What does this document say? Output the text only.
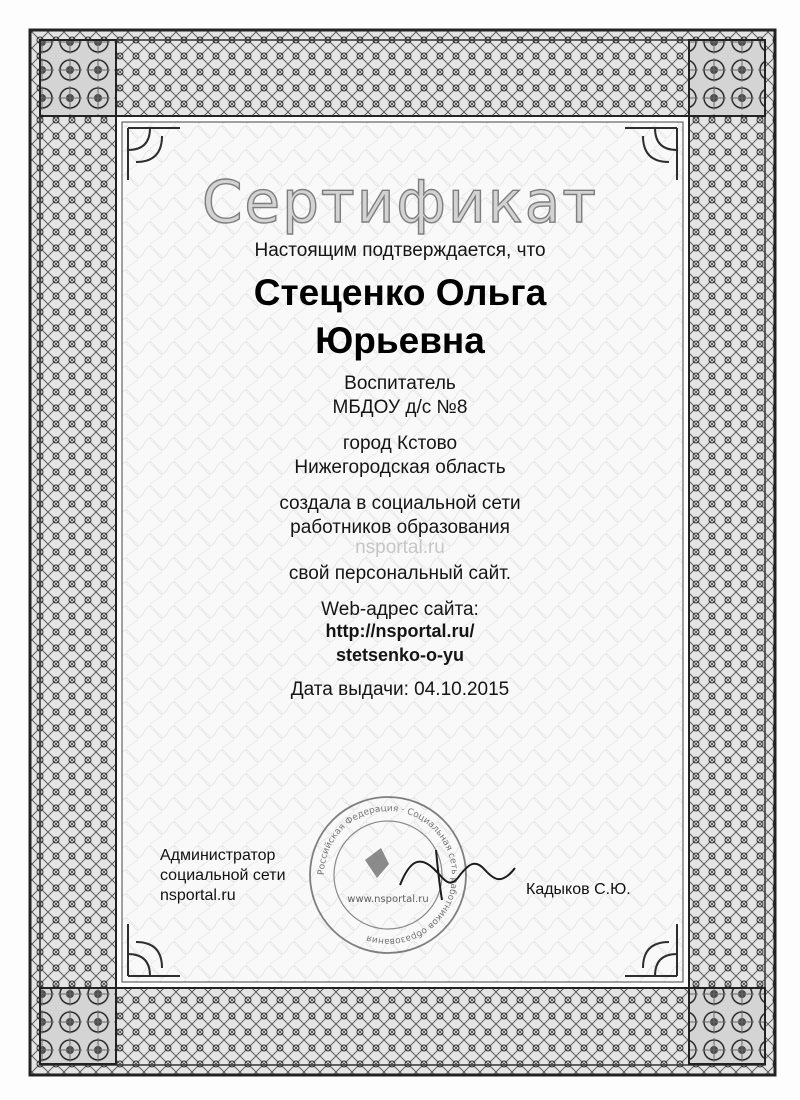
Сертификат
Настоящим подтверждается, что
Стеценко Ольга
Юрьевна
Воспитатель
МБДОУ д/с №8
город Кстово
Нижегородская область
создала в социальной сети
работников образования
nsportal.ru
свой персональный сайт.
Web-адрес сайта:
http://nsportal.ru/
stetsenko-o-yu
Дата выдачи: 04.10.2015
Администратор
социальной сети
nsportal.ru
Российская Федерация · Социальная сеть работников образования
www.nsportal.ru
Кадыков С.Ю.
